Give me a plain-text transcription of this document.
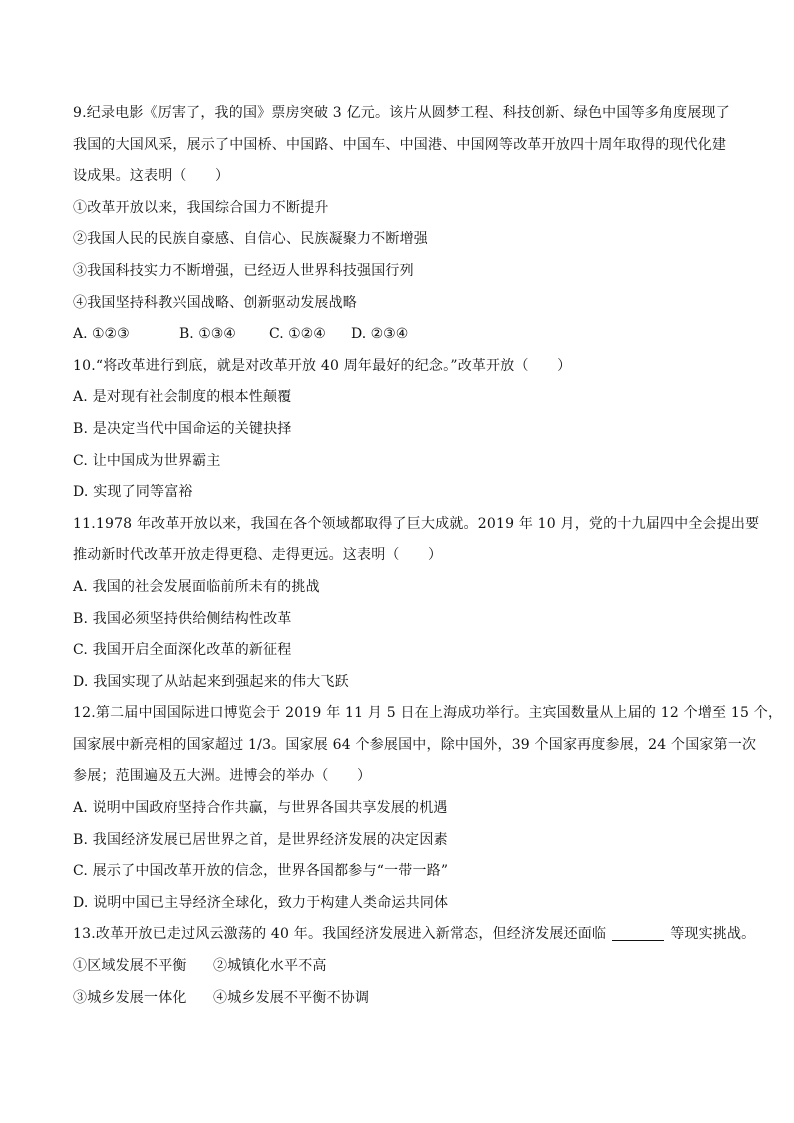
9.纪录电影《厉害了，我的国》票房突破 3 亿元。该片从圆梦工程、科技创新、绿色中国等多角度展现了
我国的大国风采，展示了中国桥、中国路、中国车、中国港、中国网等改革开放四十周年取得的现代化建
设成果。这表明（　　）
①改革开放以来，我国综合国力不断提升
②我国人民的民族自豪感、自信心、民族凝聚力不断增强
③我国科技实力不断增强，已经迈人世界科技强国行列
④我国坚持科教兴国战略、创新驱动发展战略
A. ①②③	B. ①③④ C. ①②④ D. ②③④
10.“将改革进行到底，就是对改革开放 40 周年最好的纪念。”改革开放（　　）
A. 是对现有社会制度的根本性颠覆
B. 是决定当代中国命运的关键抉择
C. 让中国成为世界霸主
D. 实现了同等富裕
11.1978 年改革开放以来，我国在各个领域都取得了巨大成就。2019 年 10 月，党的十九届四中全会提出要
推动新时代改革开放走得更稳、走得更远。这表明（　　）
A. 我国的社会发展面临前所未有的挑战
B. 我国必须坚持供给侧结构性改革
C. 我国开启全面深化改革的新征程
D. 我国实现了从站起来到强起来的伟大飞跃
12.第二届中国国际进口博览会于 2019 年 11 月 5 日在上海成功举行。主宾国数量从上届的 12 个增至 15 个，
国家展中新亮相的国家超过 1/3。国家展 64 个参展国中，除中国外，39 个国家再度参展，24 个国家第一次
参展；范围遍及五大洲。进博会的举办（　　）
A. 说明中国政府坚持合作共赢，与世界各国共享发展的机遇
B. 我国经济发展已居世界之首，是世界经济发展的决定因素
C. 展示了中国改革开放的信念，世界各国都参与“一带一路”
D. 说明中国已主导经济全球化，致力于构建人类命运共同体
13.改革开放已走过风云激荡的 40 年。我国经济发展进入新常态，但经济发展还面临	等现实挑战。
①区域发展不平衡 ②城镇化水平不高
③城乡发展一体化 ④城乡发展不平衡不协调
